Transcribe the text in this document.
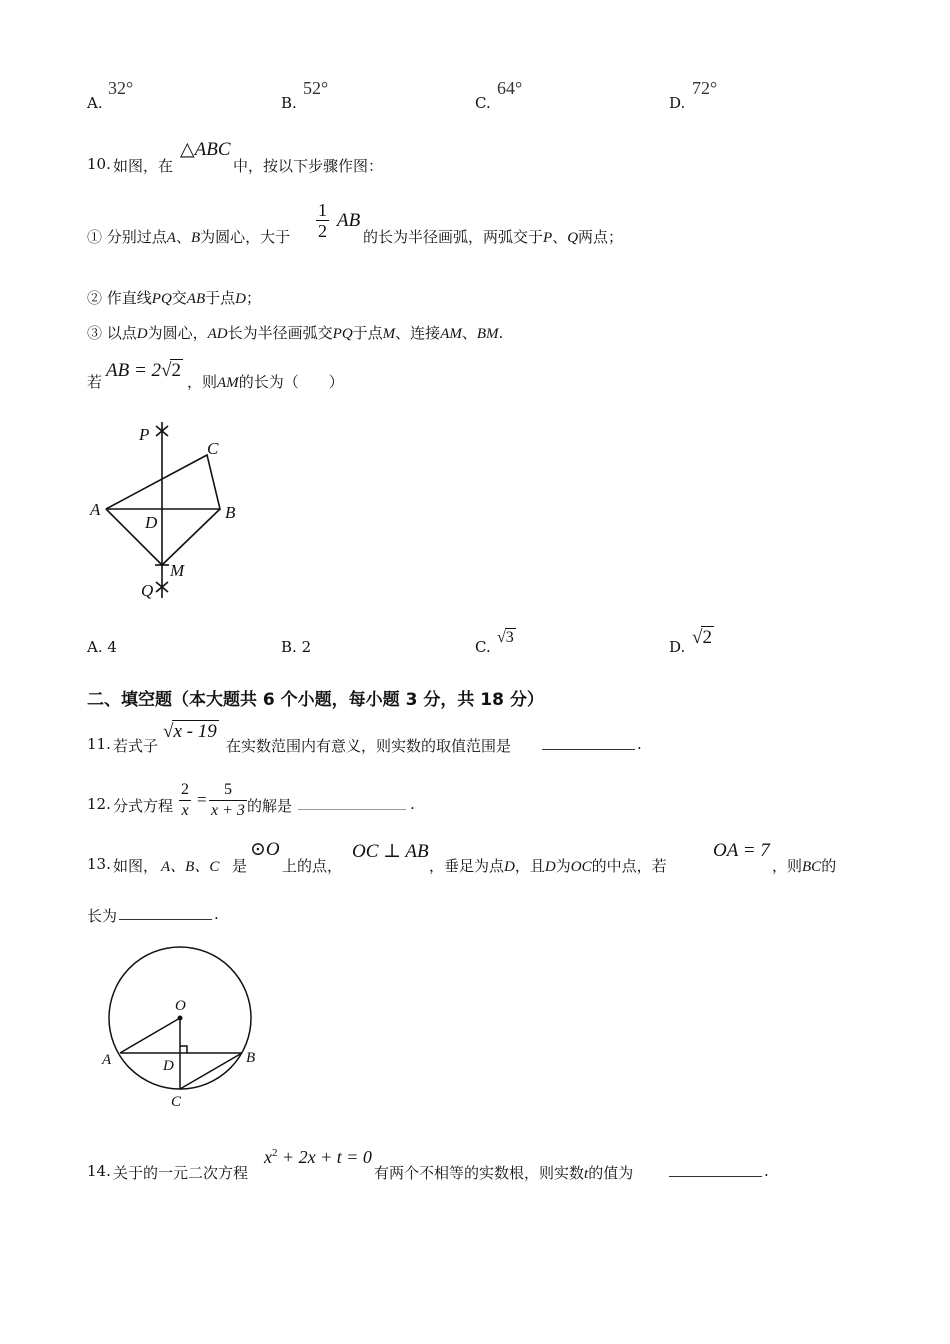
A.
32°
B.
52°
C.
64°
D.
72°
10. 如图，在
△ABC
中，按以下步骤作图：
① 分别过点A、B为圆心，大于 $\frac{1}{2}$ AB
的长为半径画弧，两弧交于P、Q两点；
② 作直线PQ交AB于点D；
③ 以点D为圆心，AD长为半径画弧交PQ于点M、连接AM、BM.
若
AB = 2√2
，则AM的长为（　　）
P
C
A	B
D
M
Q
A. 4	B. 2	C.
√3
D. √2
二、填空题（本大题共 6 个小题，每小题 3 分，共 18 分）
11. 若式子
√x - 19
在实数范围内有意义，则实数的取值范围是	.
12. 分式方程 $\frac{2}{x} = \frac{5}{x + 3}$ 的解是	.
13. 如图， A、B、C 是
⊙O
上的点，
OC ⊥ AB
，垂足为点D，且D为OC的中点，若
OA = 7
，则BC的
长为	.
O
A	B
D
C
14. 关于的一元二次方程
$x^2 + 2x + t = 0$
有两个不相等的实数根，则实数t的值为	.
